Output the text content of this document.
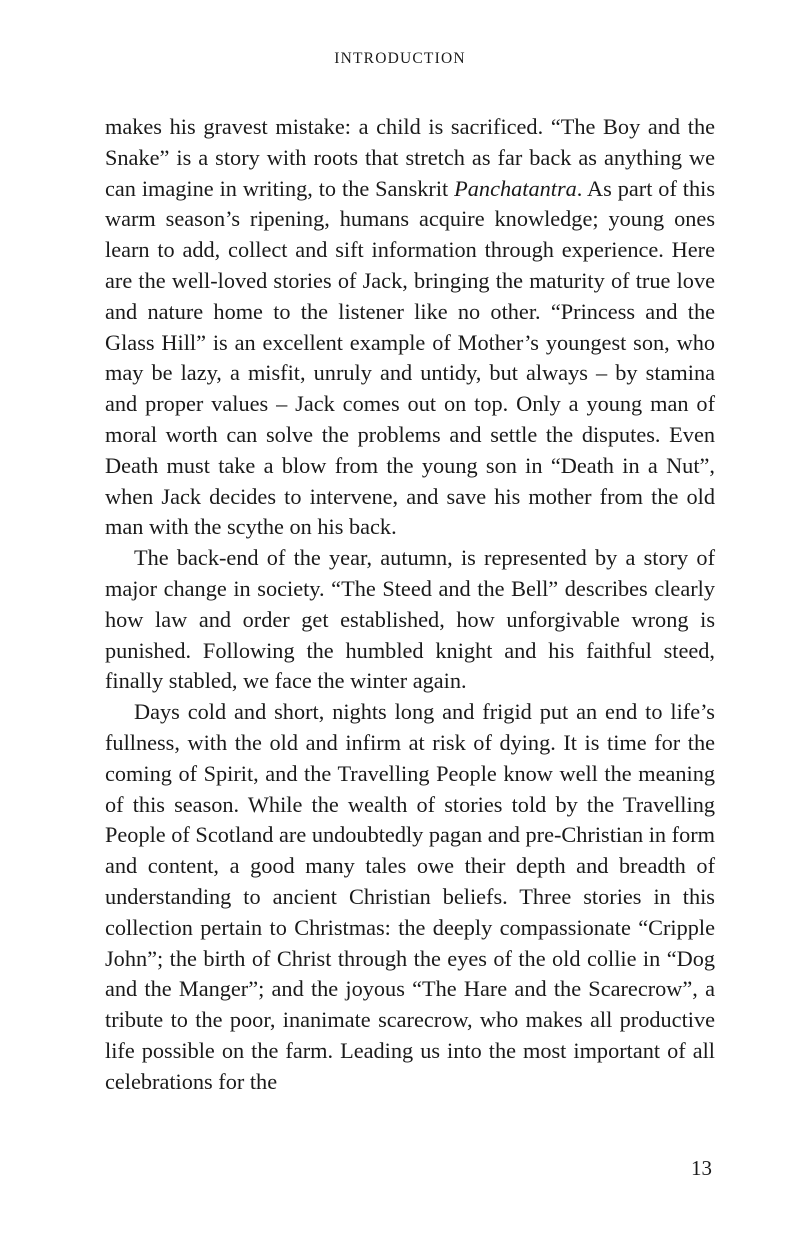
INTRODUCTION

makes his gravest mistake: a child is sacrificed. “The Boy and the Snake” is a story with roots that stretch as far back as anything we can imagine in writing, to the Sanskrit Panchatantra. As part of this warm season’s ripening, humans acquire knowledge; young ones learn to add, collect and sift information through experience. Here are the well-loved stories of Jack, bringing the maturity of true love and nature home to the listener like no other. “Princess and the Glass Hill” is an excellent example of Mother’s youngest son, who may be lazy, a misfit, unruly and untidy, but always – by stamina and proper values – Jack comes out on top. Only a young man of moral worth can solve the problems and settle the disputes. Even Death must take a blow from the young son in “Death in a Nut”, when Jack decides to intervene, and save his mother from the old man with the scythe on his back.

The back-end of the year, autumn, is represented by a story of major change in society. “The Steed and the Bell” describes clearly how law and order get established, how unforgivable wrong is punished. Following the humbled knight and his faithful steed, finally stabled, we face the winter again.

Days cold and short, nights long and frigid put an end to life’s fullness, with the old and infirm at risk of dying. It is time for the coming of Spirit, and the Travelling People know well the meaning of this season. While the wealth of stories told by the Travelling People of Scotland are undoubtedly pagan and pre-Christian in form and content, a good many tales owe their depth and breadth of understanding to ancient Christian beliefs. Three stories in this collection pertain to Christmas: the deeply compassionate “Cripple John”; the birth of Christ through the eyes of the old collie in “Dog and the Manger”; and the joyous “The Hare and the Scarecrow”, a tribute to the poor, inanimate scarecrow, who makes all productive life possible on the farm. Leading us into the most important of all celebrations for the

13
